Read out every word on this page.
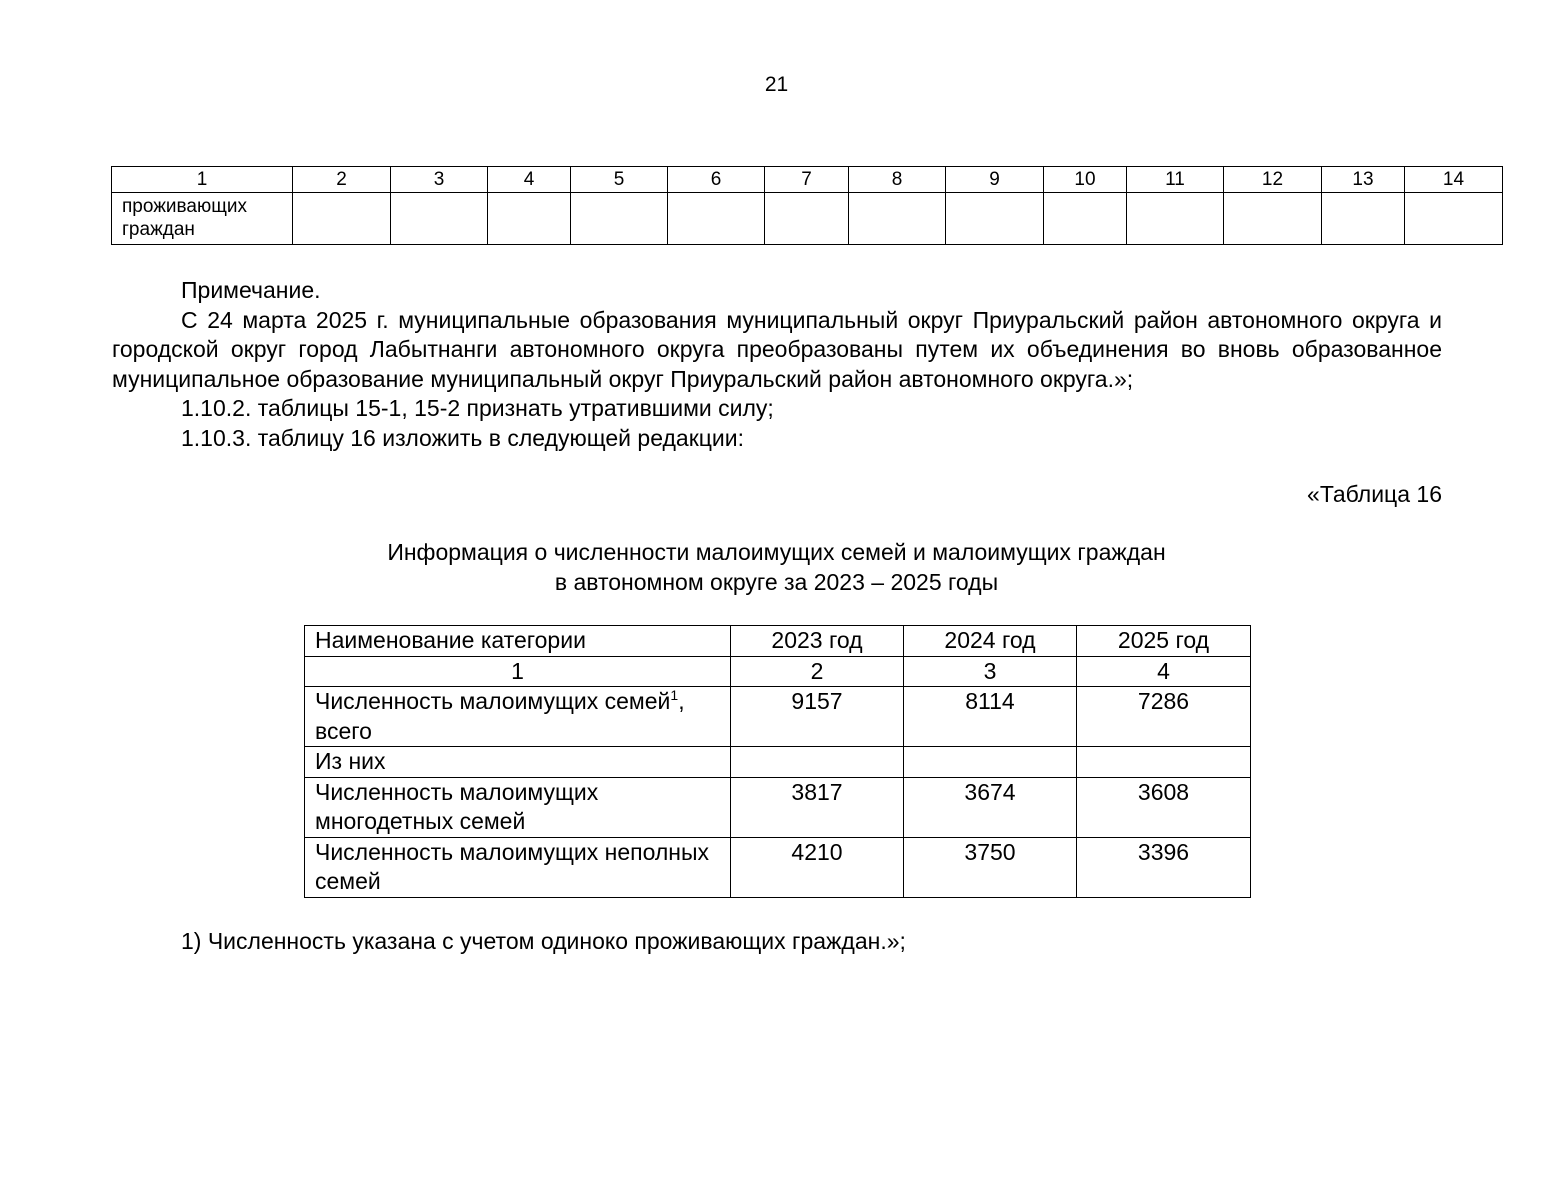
21
1	2	3	4	5	6	7	8	9	10	11	12	13	14
проживающих граждан													

Примечание.

С 24 марта 2025 г. муниципальные образования муниципальный округ Приуральский район автономного округа и городской округ город Лабытнанги автономного округа преобразованы путем их объединения во вновь образованное муниципальное образование муниципальный округ Приуральский район автономного округа.»;

1.10.2. таблицы 15-1, 15-2 признать утратившими силу;

1.10.3. таблицу 16 изложить в следующей редакции:

«Таблица 16
Информация о численности малоимущих семей и малоимущих граждан
в автономном округе за 2023 – 2025 годы
Наименование категории	2023 год	2024 год	2025 год
1	2	3	4
Численность малоимущих семей$^1$, всего	9157	8114	7286
Из них			
Численность малоимущих многодетных семей	3817	3674	3608
Численность малоимущих неполных семей	4210	3750	3396
1) Численность указана с учетом одиноко проживающих граждан.»;
